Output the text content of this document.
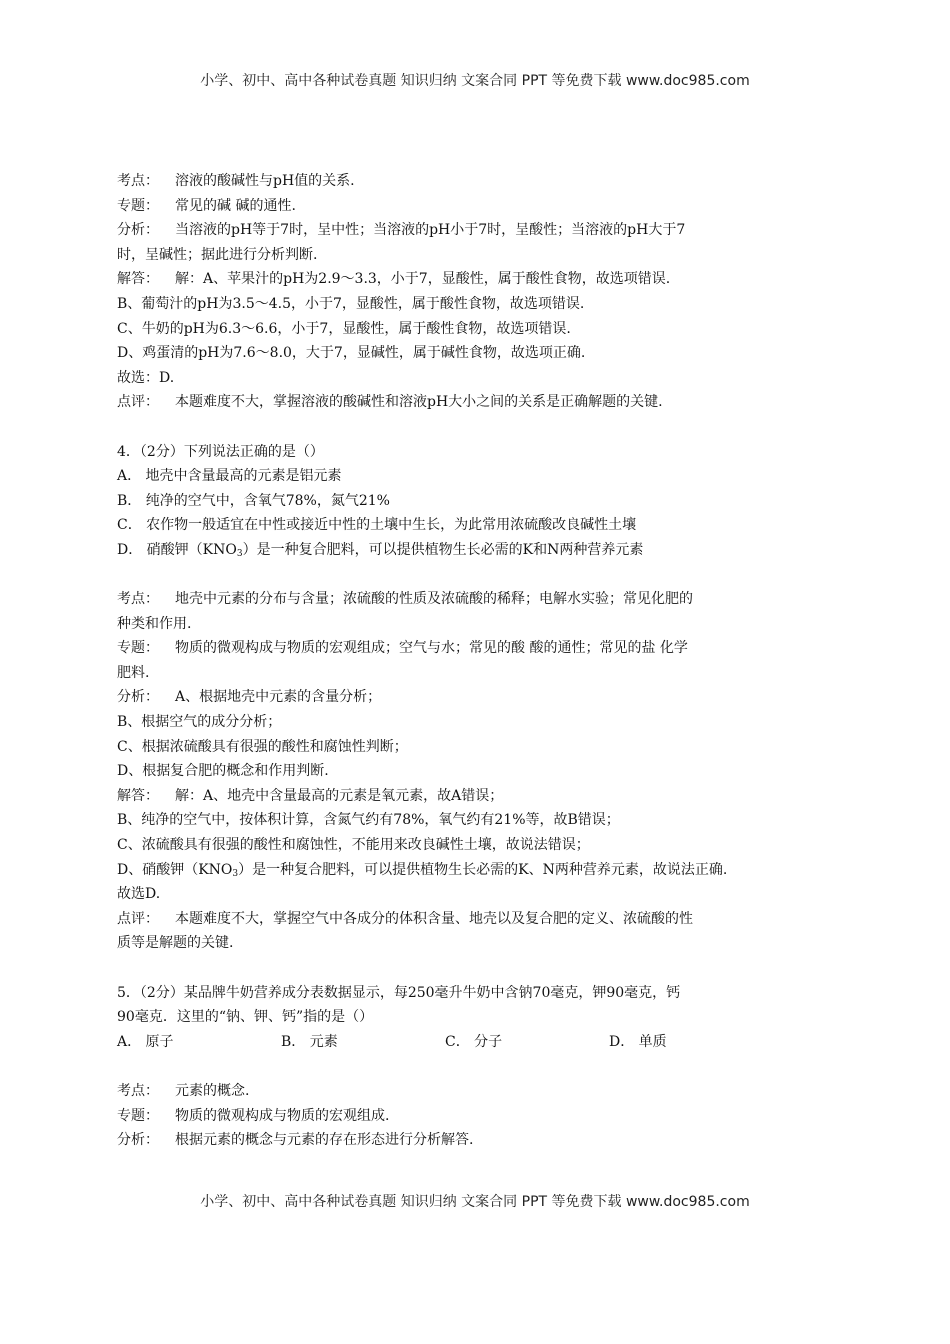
小学、初中、高中各种试卷真题 知识归纳 文案合同 PPT 等免费下载 www.doc985.com
考点： 溶液的酸碱性与pH值的关系.
专题： 常见的碱 碱的通性.
分析： 当溶液的pH等于7时，呈中性；当溶液的pH小于7时，呈酸性；当溶液的pH大于7
时，呈碱性；据此进行分析判断.
解答： 解：A、苹果汁的pH为2.9～3.3，小于7，显酸性，属于酸性食物，故选项错误.
B、葡萄汁的pH为3.5～4.5，小于7，显酸性，属于酸性食物，故选项错误.
C、牛奶的pH为6.3～6.6，小于7，显酸性，属于酸性食物，故选项错误.
D、鸡蛋清的pH为7.6～8.0，大于7，显碱性，属于碱性食物，故选项正确.
故选：D.
点评： 本题难度不大，掌握溶液的酸碱性和溶液pH大小之间的关系是正确解题的关键.
4．（2分）下列说法正确的是（）
A． 地壳中含量最高的元素是铝元素
B． 纯净的空气中，含氧气78%，氮气21%
C． 农作物一般适宜在中性或接近中性的土壤中生长，为此常用浓硫酸改良碱性土壤
D． 硝酸钾$(KNO_3)$是一种复合肥料，可以提供植物生长必需的K和N两种营养元素
考点： 地壳中元素的分布与含量；浓硫酸的性质及浓硫酸的稀释；电解水实验；常见化肥的
种类和作用.
专题： 物质的微观构成与物质的宏观组成；空气与水；常见的酸 酸的通性；常见的盐 化学
肥料.
分析： A、根据地壳中元素的含量分析；
B、根据空气的成分分析；
C、根据浓硫酸具有很强的酸性和腐蚀性判断；
D、根据复合肥的概念和作用判断.
解答： 解：A、地壳中含量最高的元素是氧元素，故A错误；
B、纯净的空气中，按体积计算，含氮气约有78%，氧气约有21%等，故B错误；
C、浓硫酸具有很强的酸性和腐蚀性，不能用来改良碱性土壤，故说法错误；
D、硝酸钾$(KNO_3)$是一种复合肥料，可以提供植物生长必需的K、N两种营养元素，故说法正确.
故选D.
点评： 本题难度不大，掌握空气中各成分的体积含量、地壳以及复合肥的定义、浓硫酸的性
质等是解题的关键.
5．（2分）某品牌牛奶营养成分表数据显示，每250毫升牛奶中含钠70毫克，钾90毫克，钙
90毫克．这里的“钠、钾、钙”指的是（）
A． 原子	B． 元素	C． 分子	D． 单质
考点： 元素的概念.
专题： 物质的微观构成与物质的宏观组成.
分析： 根据元素的概念与元素的存在形态进行分析解答.
小学、初中、高中各种试卷真题 知识归纳 文案合同 PPT 等免费下载 www.doc985.com
